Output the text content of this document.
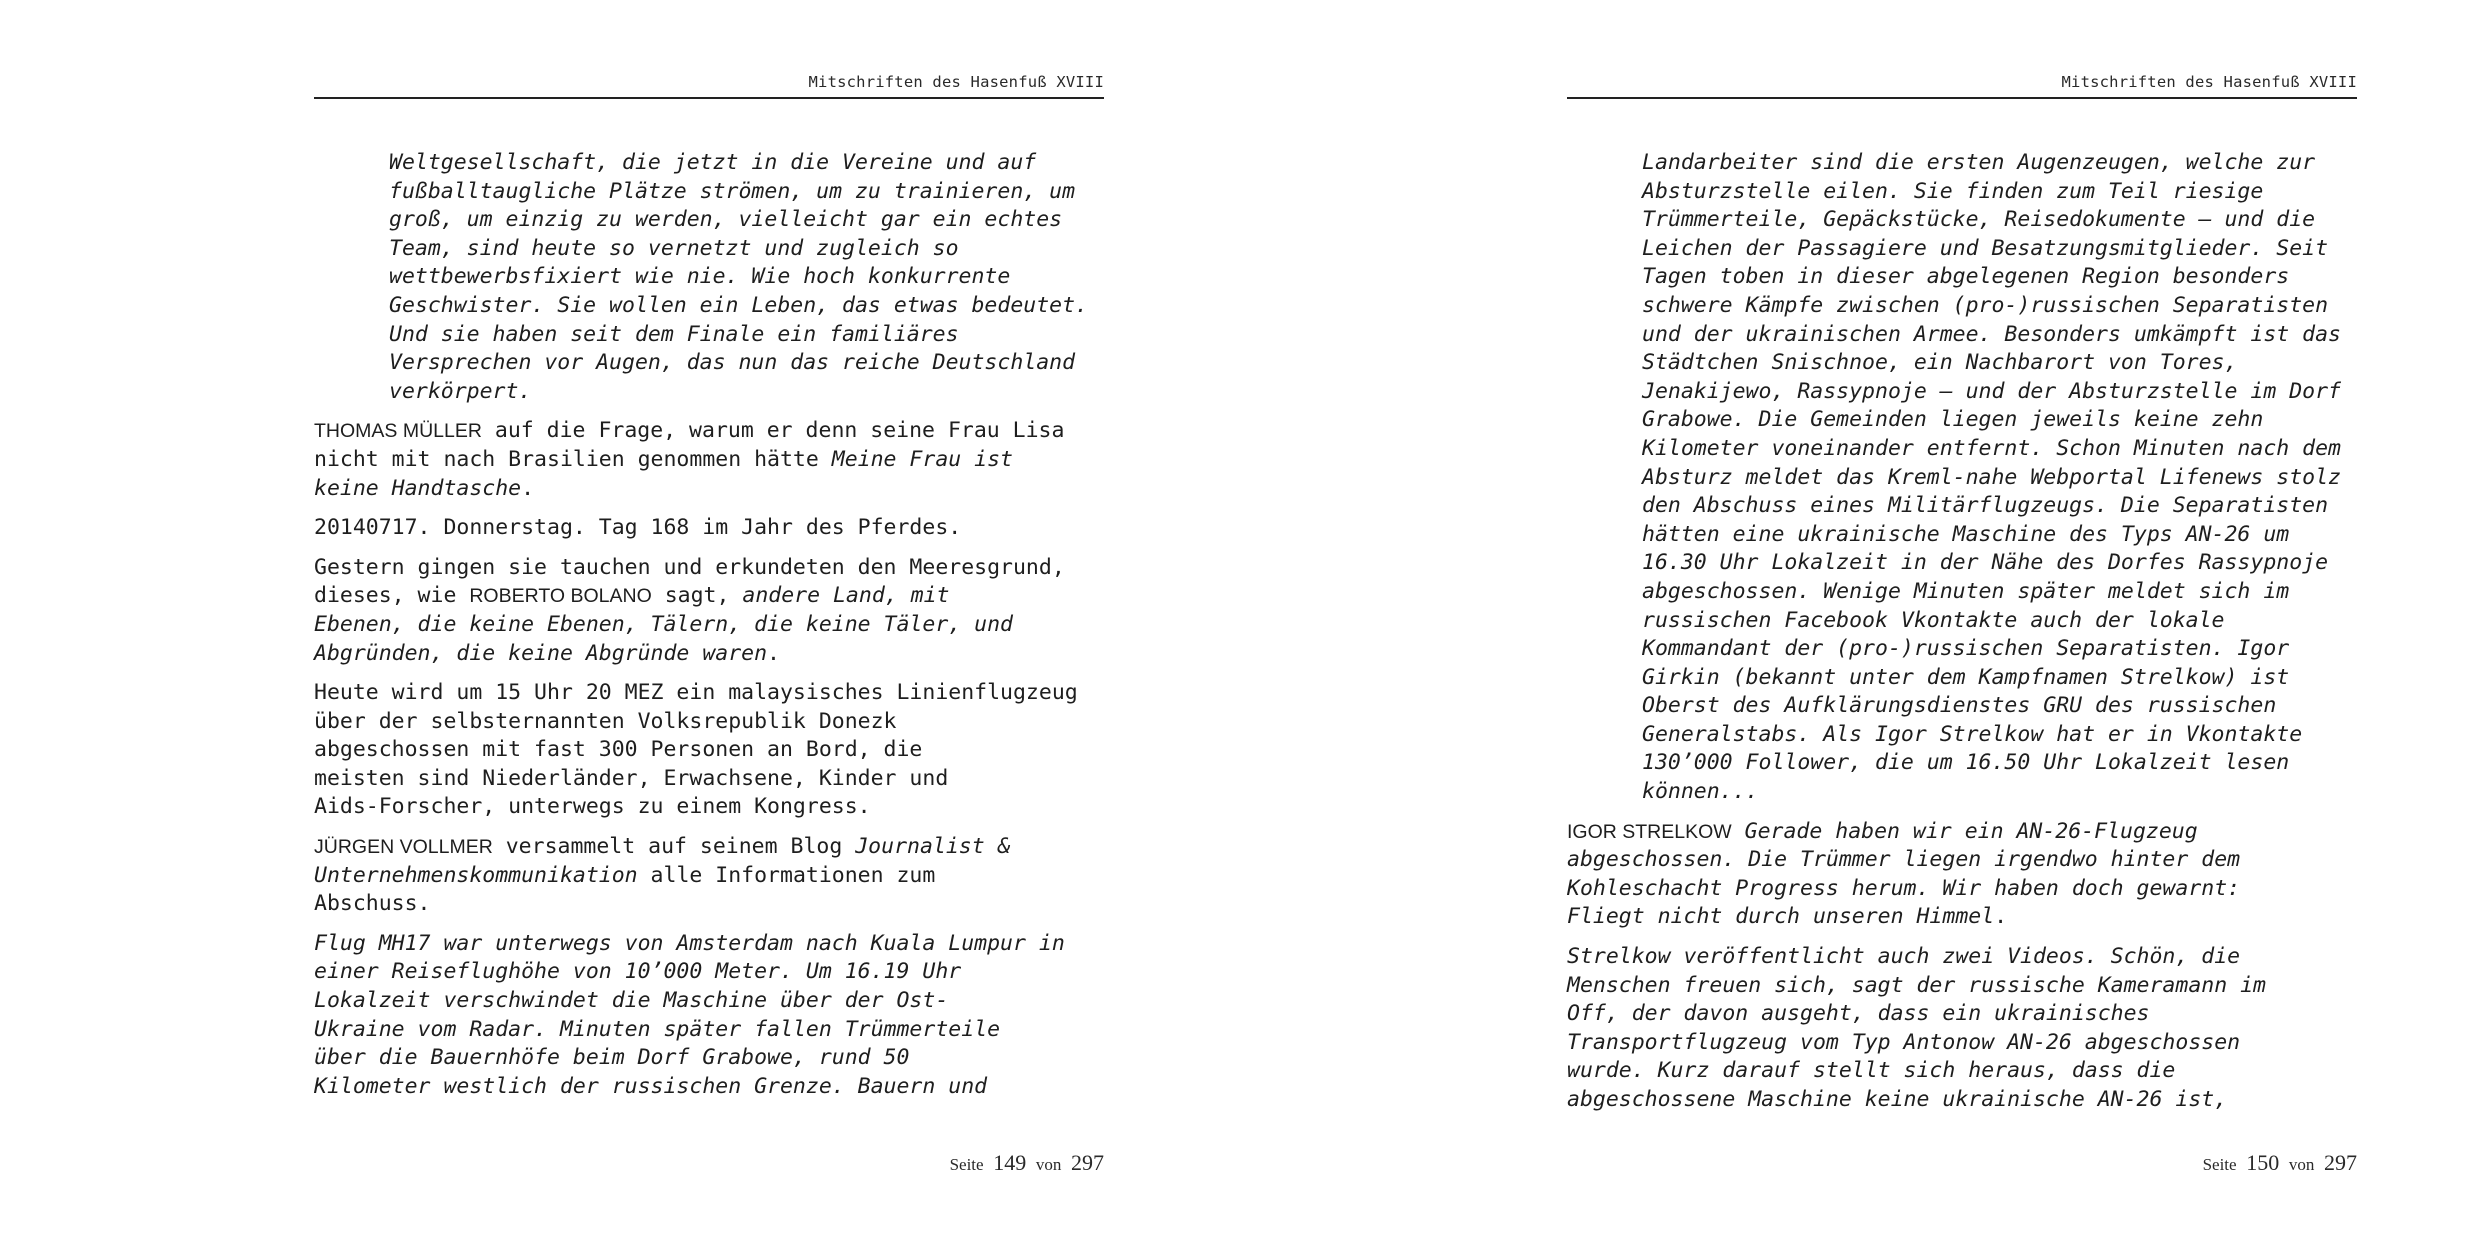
Mitschriften des Hasenfuß XVIII
Weltgesellschaft, die jetzt in die Vereine und auf
fußballtaugliche Plätze strömen, um zu trainieren, um
groß, um einzig zu werden, vielleicht gar ein echtes
Team, sind heute so vernetzt und zugleich so
wettbewerbsfixiert wie nie. Wie hoch konkurrente
Geschwister. Sie wollen ein Leben, das etwas bedeutet.
Und sie haben seit dem Finale ein familiäres
Versprechen vor Augen, das nun das reiche Deutschland
verkörpert.
THOMAS MÜLLER auf die Frage, warum er denn seine Frau Lisa
nicht mit nach Brasilien genommen hätte Meine Frau ist
keine Handtasche.
20140717. Donnerstag. Tag 168 im Jahr des Pferdes.
Gestern gingen sie tauchen und erkundeten den Meeresgrund,
dieses, wie ROBERTO BOLANO sagt, andere Land, mit
Ebenen, die keine Ebenen, Tälern, die keine Täler, und
Abgründen, die keine Abgründe waren.
Heute wird um 15 Uhr 20 MEZ ein malaysisches Linienflugzeug
über der selbsternannten Volksrepublik Donezk
abgeschossen mit fast 300 Personen an Bord, die
meisten sind Niederländer, Erwachsene, Kinder und
Aids-Forscher, unterwegs zu einem Kongress.
JÜRGEN VOLLMER versammelt auf seinem Blog Journalist &
Unternehmenskommunikation alle Informationen zum
Abschuss.
Flug MH17 war unterwegs von Amsterdam nach Kuala Lumpur in
einer Reiseflughöhe von 10’000 Meter. Um 16.19 Uhr
Lokalzeit verschwindet die Maschine über der Ost-
Ukraine vom Radar. Minuten später fallen Trümmerteile
über die Bauernhöfe beim Dorf Grabowe, rund 50
Kilometer westlich der russischen Grenze. Bauern und
Seite 149 von 297
Mitschriften des Hasenfuß XVIII
Landarbeiter sind die ersten Augenzeugen, welche zur
Absturzstelle eilen. Sie finden zum Teil riesige
Trümmerteile, Gepäckstücke, Reisedokumente – und die
Leichen der Passagiere und Besatzungsmitglieder. Seit
Tagen toben in dieser abgelegenen Region besonders
schwere Kämpfe zwischen (pro-)russischen Separatisten
und der ukrainischen Armee. Besonders umkämpft ist das
Städtchen Snischnoe, ein Nachbarort von Tores,
Jenakijewo, Rassypnoje – und der Absturzstelle im Dorf
Grabowe. Die Gemeinden liegen jeweils keine zehn
Kilometer voneinander entfernt. Schon Minuten nach dem
Absturz meldet das Kreml-nahe Webportal Lifenews stolz
den Abschuss eines Militärflugzeugs. Die Separatisten
hätten eine ukrainische Maschine des Typs AN-26 um
16.30 Uhr Lokalzeit in der Nähe des Dorfes Rassypnoje
abgeschossen. Wenige Minuten später meldet sich im
russischen Facebook Vkontakte auch der lokale
Kommandant der (pro-)russischen Separatisten. Igor
Girkin (bekannt unter dem Kampfnamen Strelkow) ist
Oberst des Aufklärungsdienstes GRU des russischen
Generalstabs. Als Igor Strelkow hat er in Vkontakte
130’000 Follower, die um 16.50 Uhr Lokalzeit lesen
können...
IGOR STRELKOW Gerade haben wir ein AN-26-Flugzeug
abgeschossen. Die Trümmer liegen irgendwo hinter dem
Kohleschacht Progress herum. Wir haben doch gewarnt:
Fliegt nicht durch unseren Himmel.
Strelkow veröffentlicht auch zwei Videos. Schön, die
Menschen freuen sich, sagt der russische Kameramann im
Off, der davon ausgeht, dass ein ukrainisches
Transportflugzeug vom Typ Antonow AN-26 abgeschossen
wurde. Kurz darauf stellt sich heraus, dass die
abgeschossene Maschine keine ukrainische AN-26 ist,
Seite 150 von 297
